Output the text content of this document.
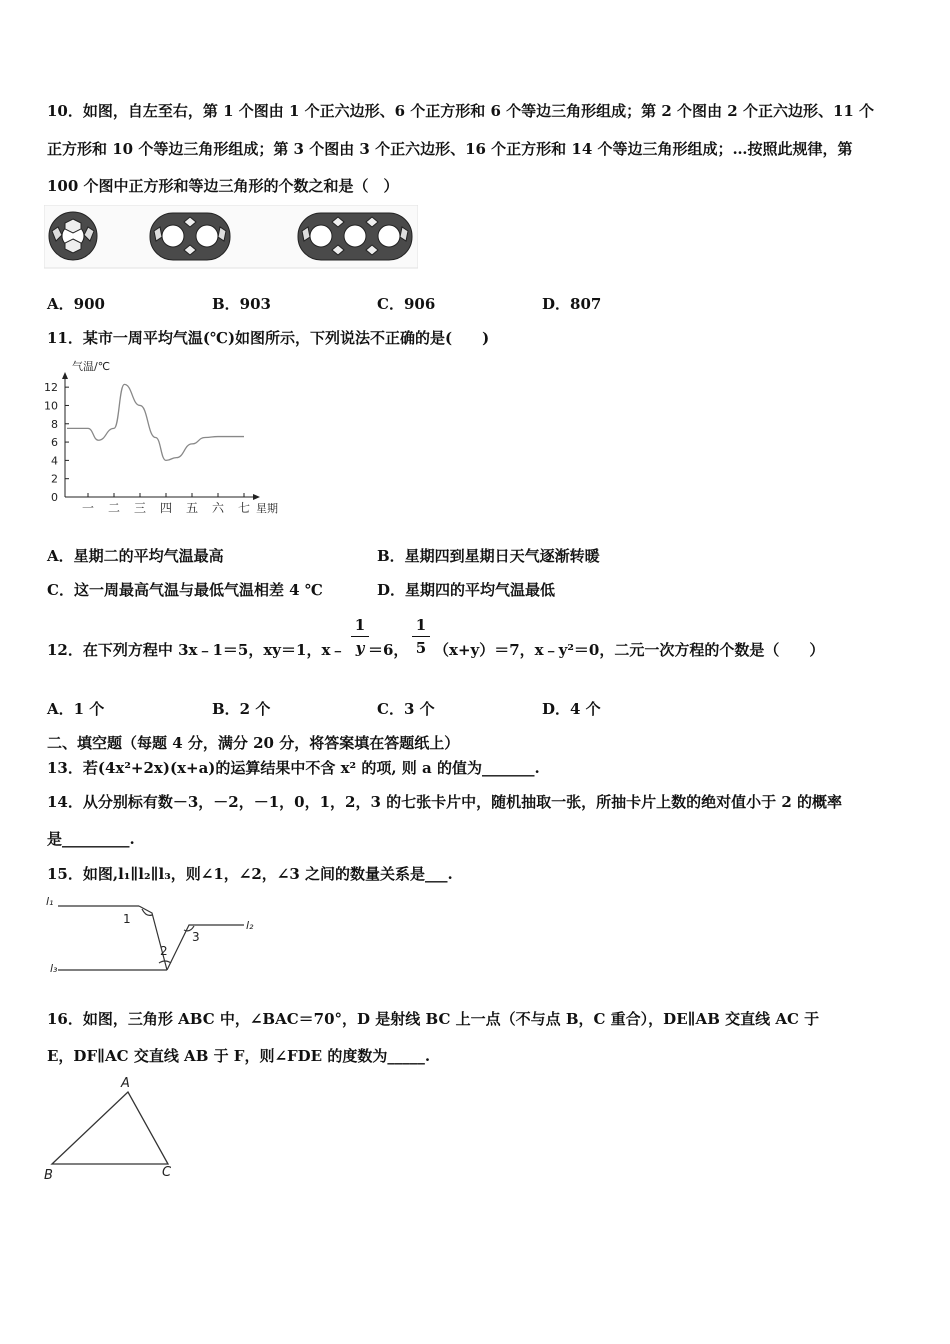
10．如图，自左至右，第 1 个图由 1 个正六边形、6 个正方形和 6 个等边三角形组成；第 2 个图由 2 个正六边形、11 个
正方形和 10 个等边三角形组成；第 3 个图由 3 个正六边形、16 个正方形和 14 个等边三角形组成；…按照此规律，第
100 个图中正方形和等边三角形的个数之和是（　）
A．900	B．903	C．906	D．807
11．某市一周平均气温(℃)如图所示，下列说法不正确的是(　　)
0
2
4
6
8
10
12
一 二 三 四 五 六 七
气温/℃
星期
A．星期二的平均气温最高	B．星期四到星期日天气逐渐转暖
C．这一周最高气温与最低气温相差 4 ℃	D．星期四的平均气温最低
12．在下列方程中 3x﹣1＝5，xy＝1，x﹣
1
y ＝6，
1
5 （x+y）＝7，x﹣y²＝0，二元一次方程的个数是（　　）
A．1 个	B．2 个	C．3 个	D．4 个
二、填空题（每题 4 分，满分 20 分，将答案填在答题纸上）
13．若(4x²+2x)(x+a)的运算结果中不含 x² 的项, 则 a 的值为_______.
14．从分别标有数－3，－2，－1，0，1，2，3 的七张卡片中，随机抽取一张，所抽卡片上数的绝对值小于 2 的概率
是_________.
15．如图,l₁∥l₂∥l₃，则∠1，∠2，∠3 之间的数量关系是___.
l₁
l₂
l₃
1
2
3
16．如图，三角形 ABC 中，∠BAC＝70°，D 是射线 BC 上一点（不与点 B，C 重合），DE∥AB 交直线 AC 于
E，DF∥AC 交直线 AB 于 F，则∠FDE 的度数为_____.
A
B	C
